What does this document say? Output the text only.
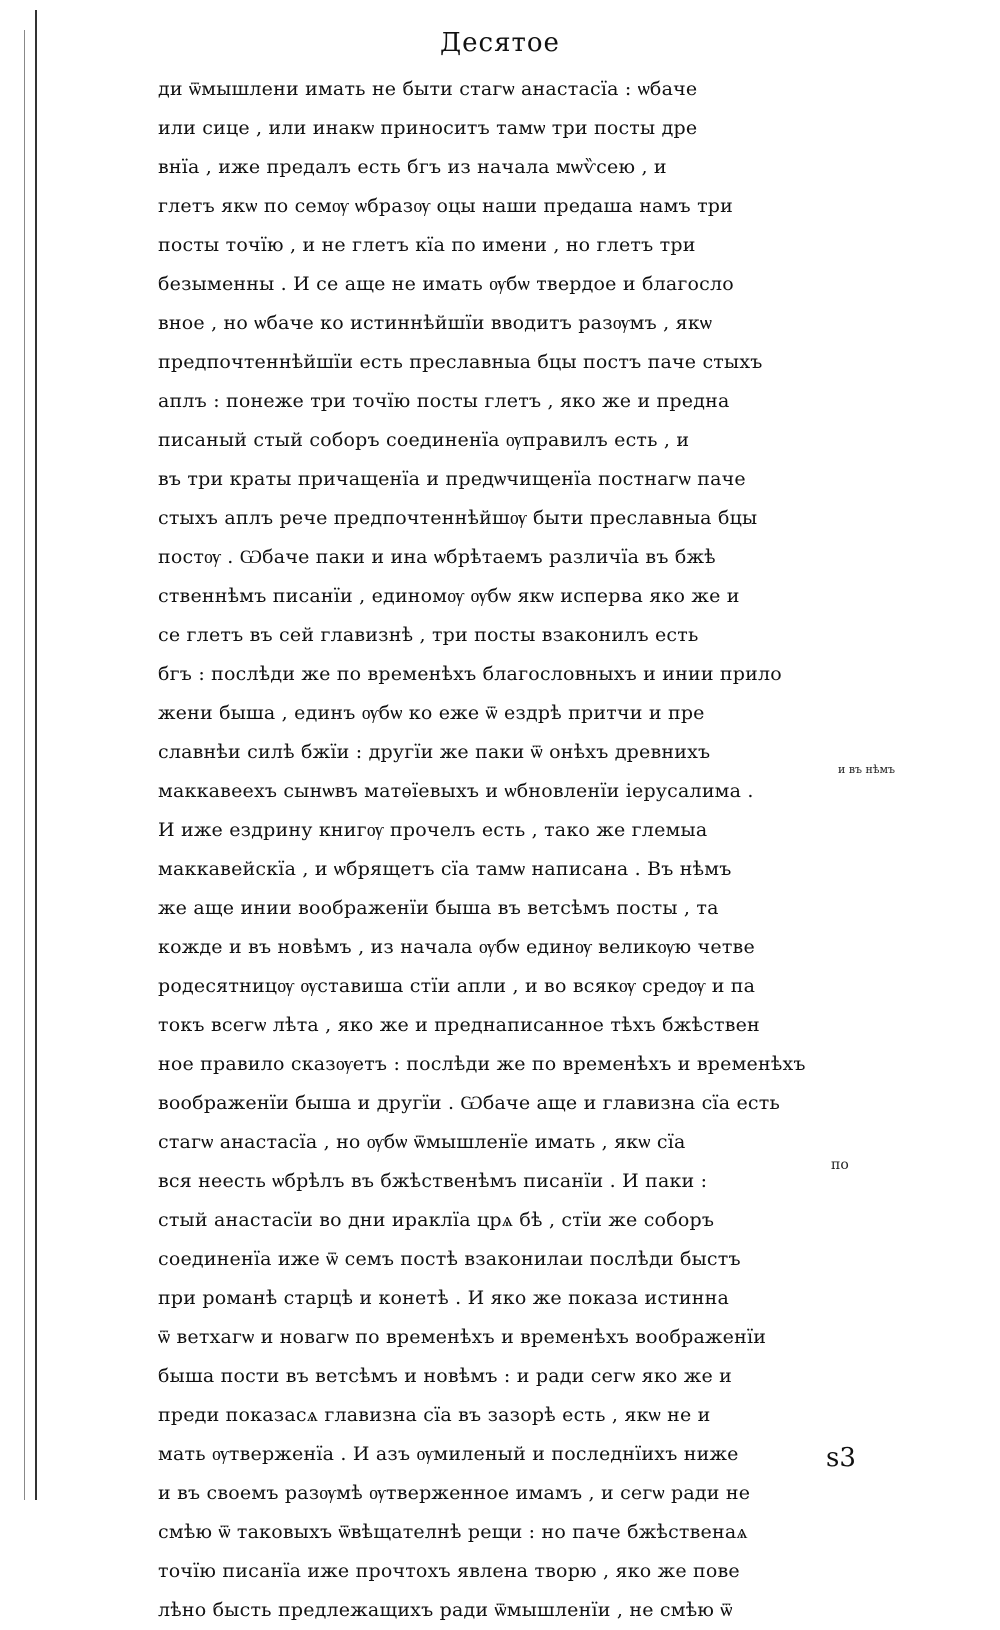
Десятое
ди ѿмышлени имать не быти стагѡ анастасїа : ѡбаче
или сице , или инакѡ приноситъ тамѡ три посты дре
внїа , иже предалъ есть бгъ из начала мѡѷсею , и
глетъ якѡ по семѹ ѡбразѹ оцы наши предаша намъ три
посты точїю , и не глетъ кїа по имени , но глетъ три
безыменны . И се аще не имать ѹбѡ твердое и благосло
вное , но ѡбаче ко истиннѣйшїи вводитъ разѹмъ , якѡ
предпочтеннѣйшїи есть преславныа бцы постъ паче стыхъ
аплъ : понеже три точїю посты глетъ , яко же и предна
писаный стый соборъ соединенїа ѹправилъ есть , и
въ три краты причащенїа и предѡчищенїа постнагѡ паче
стыхъ аплъ рече предпочтеннѣйшѹ быти преславныа бцы
постѹ . Ѡбаче паки и ина ѡбрѣтаемъ различїа въ бжѣ
ственнѣмъ писанїи , единомѹ ѹбѡ якѡ исперва яко же и
се глетъ въ сей главизнѣ , три посты взаконилъ есть
бгъ : послѣди же по временѣхъ благословныхъ и инии прило
жени быша , единъ ѹбѡ ко еже ѿ ездрѣ притчи и пре
славнѣи силѣ бжїи : другїи же паки ѿ онѣхъ древнихъ
маккавеехъ сынѡвъ матѳїевыхъ и ѡбновленїи iерусалима .
И иже ездрину книгѹ прочелъ есть , тако же глемыа
маккавейскїа , и ѡбрящетъ сїа тамѡ написана . Въ нѣмъ
же аще инии воображенїи быша въ ветсѣмъ посты , та
кожде и въ новѣмъ , из начала ѹбѡ единѹ великѹю четве
родесятницѹ ѹставиша стїи апли , и во всякѹ средѹ и па
токъ всегѡ лѣта , яко же и преднаписанное тѣхъ бжѣствен
ное правило сказѹетъ : послѣди же по временѣхъ и временѣхъ
воображенїи быша и другїи . Ѡбаче аще и главизна сїа есть
стагѡ анастасїа , но ѹбѡ ѿмышленїе имать , якѡ сїа
вся неесть ѡбрѣлъ въ бжѣственѣмъ писанїи . И паки :
стый анастасїи во дни ираклїа црѧ бѣ , стїи же соборъ
соединенїа иже ѿ семъ постѣ взаконилаи послѣди быстъ
при романѣ старцѣ и конетѣ . И яко же показа истинна
ѿ ветхагѡ и новагѡ по временѣхъ и временѣхъ воображенїи
быша пости въ ветсѣмъ и новѣмъ : и ради сегѡ яко же и
преди показасѧ главизна сїа въ зазорѣ есть , якѡ не и
мать ѹтверженїа . И азъ ѹмиленый и последнїихъ ниже
и въ своемъ разѹмѣ ѹтверженное имамъ , и сегѡ ради не
смѣю ѿ таковыхъ ѿвѣщателнѣ рещи : но паче бжѣственаѧ
точїю писанїа иже прочтохъ явлена творю , яко же пове
лѣно бысть предлежащихъ ради ѿмышленїи , не смѣю ѿ
и въ нѣмъ
по
ѕ3
